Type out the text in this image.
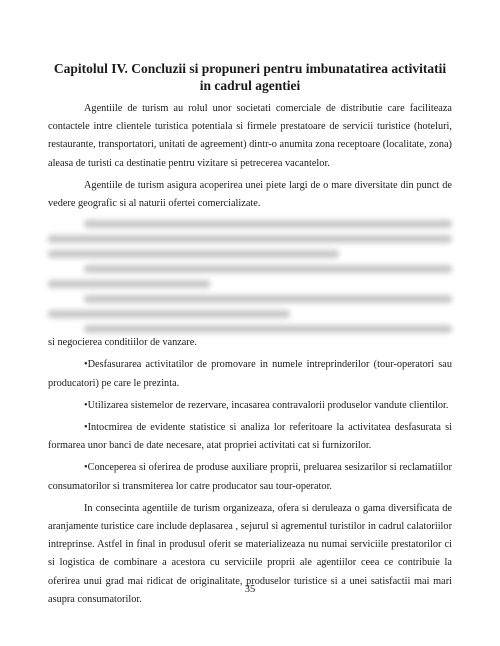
Capitolul IV. Concluzii si propuneri pentru imbunatatirea activitatii in cadrul agentiei

Agentiile de turism au rolul unor societati comerciale de distributie care faciliteaza contactele intre clientele turistica potentiala si firmele prestatoare de servicii turistice (hoteluri, restaurante, transportatori, unitati de agreement) dintr-o anumita zona receptoare (localitate, zona) aleasa de turisti ca destinatie pentru vizitare si petrecerea vacantelor.

Agentiile de turism asigura acoperirea unei piete largi de o mare diversitate din punct de vedere geografic si al naturii ofertei comercializate.

si negocierea conditiilor de vanzare.

•Desfasurarea activitatilor de promovare in numele intreprinderilor (tour-operatori sau producatori) pe care le prezinta.

•Utilizarea sistemelor de rezervare, incasarea contravalorii produselor vandute clientilor.

•Intocmirea de evidente statistice si analiza lor referitoare la activitatea desfasurata si formarea unor banci de date necesare, atat propriei activitati cat si furnizorilor.

•Conceperea si oferirea de produse auxiliare proprii, preluarea sesizarilor si reclamatiilor consumatorilor si transmiterea lor catre producator sau tour-operator.

In consecinta agentiile de turism organizeaza, ofera si deruleaza o gama diversificata de aranjamente turistice care include deplasarea , sejurul si agrementul turistilor in cadrul calatoriilor intreprinse. Astfel in final in produsul oferit se materializeaza nu numai serviciile prestatorilor ci si logistica de combinare a acestora cu serviciile proprii ale agentiilor ceea ce contribuie la oferirea unui grad mai ridicat de originalitate, produselor turistice si a unei satisfactii mai mari asupra consumatorilor.

35
